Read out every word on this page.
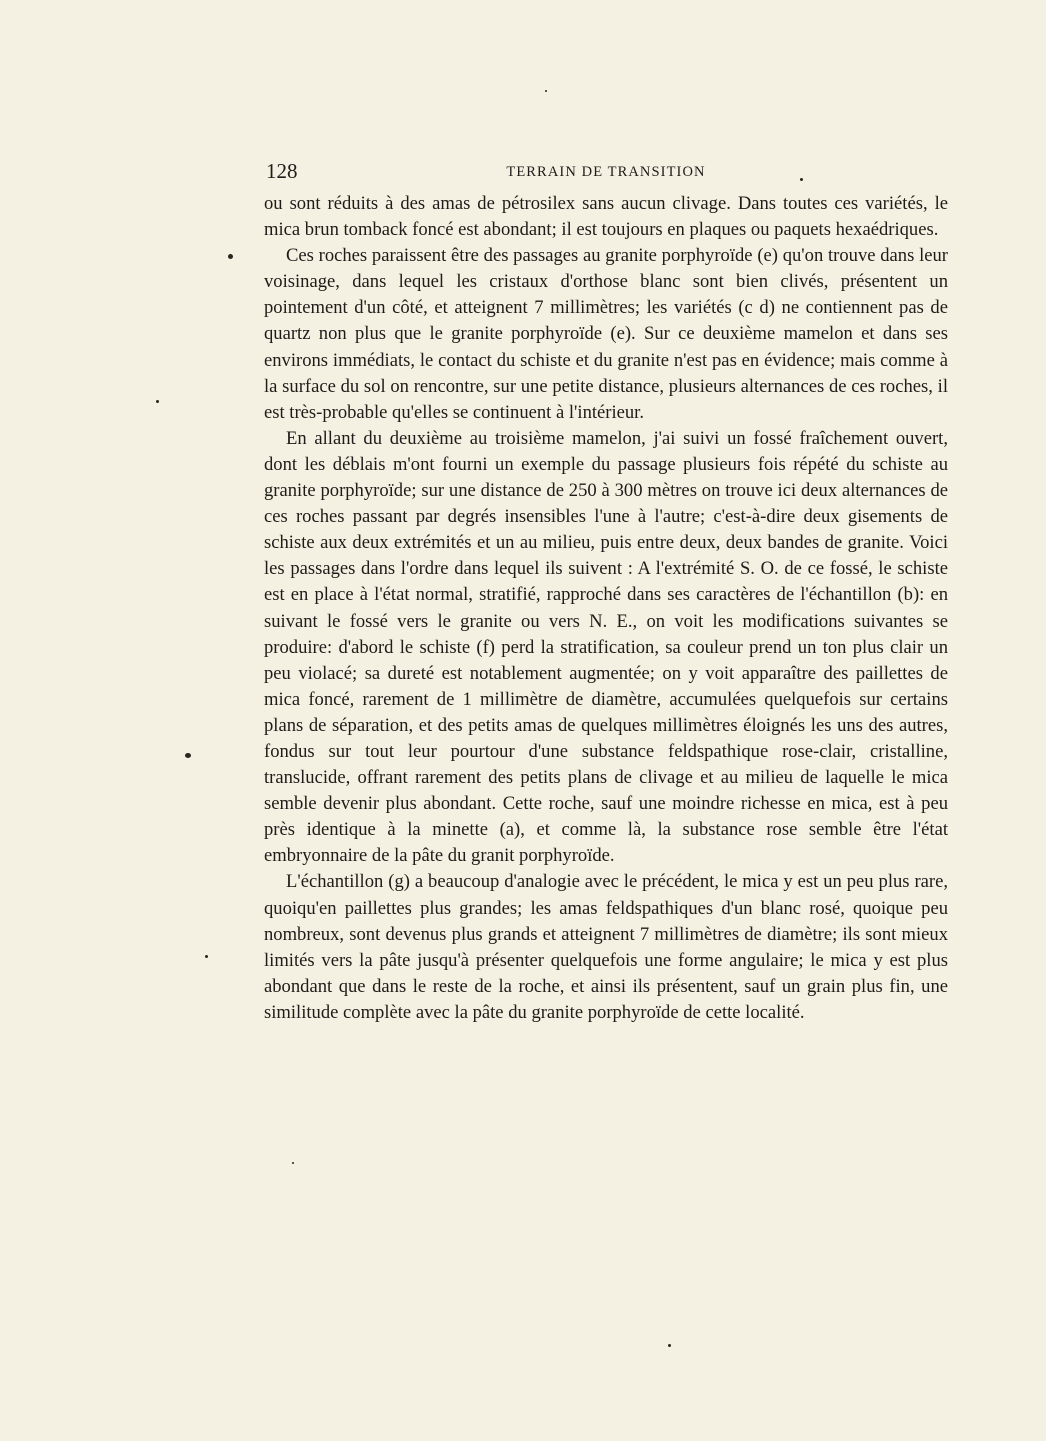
128	TERRAIN DE TRANSITION

ou sont réduits à des amas de pétrosilex sans aucun clivage. Dans toutes ces variétés, le mica brun tomback foncé est abondant; il est toujours en plaques ou paquets hexaédriques.

Ces roches paraissent être des passages au granite porphyroïde (e) qu'on trouve dans leur voisinage, dans lequel les cristaux d'orthose blanc sont bien clivés, présentent un pointement d'un côté, et atteignent 7 millimètres; les variétés (c d) ne contiennent pas de quartz non plus que le granite porphyroïde (e). Sur ce deuxième mamelon et dans ses environs immédiats, le contact du schiste et du granite n'est pas en évidence; mais comme à la surface du sol on rencontre, sur une petite distance, plusieurs alternances de ces roches, il est très-probable qu'elles se continuent à l'intérieur.

En allant du deuxième au troisième mamelon, j'ai suivi un fossé fraîchement ouvert, dont les déblais m'ont fourni un exemple du passage plusieurs fois répété du schiste au granite porphyroïde; sur une distance de 250 à 300 mètres on trouve ici deux alternances de ces roches passant par degrés insensibles l'une à l'autre; c'est-à-dire deux gisements de schiste aux deux extrémités et un au milieu, puis entre deux, deux bandes de granite. Voici les passages dans l'ordre dans lequel ils suivent : A l'extrémité S. O. de ce fossé, le schiste est en place à l'état normal, stratifié, rapproché dans ses caractères de l'échantillon (b): en suivant le fossé vers le granite ou vers N. E., on voit les modifications suivantes se produire: d'abord le schiste (f) perd la stratification, sa couleur prend un ton plus clair un peu violacé; sa dureté est notablement augmentée; on y voit apparaître des paillettes de mica foncé, rarement de 1 millimètre de diamètre, accumulées quelquefois sur certains plans de séparation, et des petits amas de quelques millimètres éloignés les uns des autres, fondus sur tout leur pourtour d'une substance feldspathique rose-clair, cristalline, translucide, offrant rarement des petits plans de clivage et au milieu de laquelle le mica semble devenir plus abondant. Cette roche, sauf une moindre richesse en mica, est à peu près identique à la minette (a), et comme là, la substance rose semble être l'état embryonnaire de la pâte du granit porphyroïde.

L'échantillon (g) a beaucoup d'analogie avec le précédent, le mica y est un peu plus rare, quoiqu'en paillettes plus grandes; les amas feldspathiques d'un blanc rosé, quoique peu nombreux, sont devenus plus grands et atteignent 7 millimètres de diamètre; ils sont mieux limités vers la pâte jusqu'à présenter quelquefois une forme angulaire; le mica y est plus abondant que dans le reste de la roche, et ainsi ils présentent, sauf un grain plus fin, une similitude complète avec la pâte du granite porphyroïde de cette localité.
